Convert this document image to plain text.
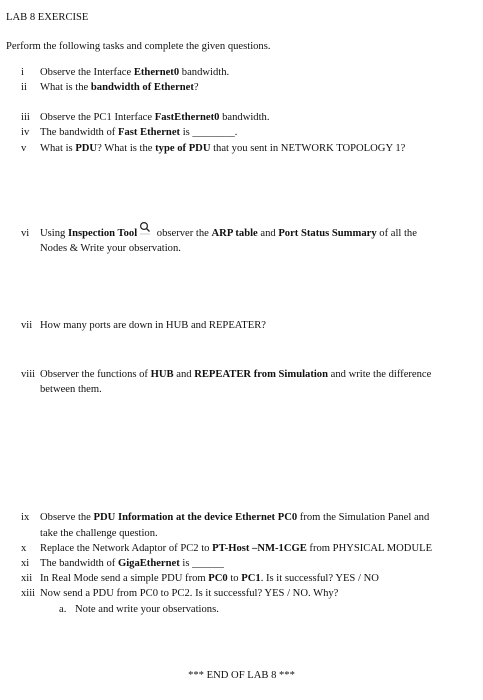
LAB 8 EXERCISE
Perform the following tasks and complete the given questions.
i	Observe the Interface Ethernet0 bandwidth.
ii	What is the bandwidth of Ethernet?
iii Observe the PC1 Interface FastEthernet0 bandwidth.
iv	The bandwidth of Fast Ethernet is ________.
v	What is PDU? What is the type of PDU that you sent in NETWORK TOPOLOGY 1?
vi	Using Inspection Tool observer the ARP table and Port Status Summary of all the
Nodes & Write your observation.
vii How many ports are down in HUB and REPEATER?
viii Observer the functions of HUB and REPEATER from Simulation and write the difference
between them.
ix	Observe the PDU Information at the device Ethernet PC0 from the Simulation Panel and
take the challenge question.
x	Replace the Network Adaptor of PC2 to PT-Host –NM-1CGE from PHYSICAL MODULE
xi	The bandwidth of GigaEthernet is ______
xii In Real Mode send a simple PDU from PC0 to PC1. Is it successful? YES / NO
xiii Now send a PDU from PC0 to PC2. Is it successful? YES / NO. Why?
a. Note and write your observations.
*** END OF LAB 8 ***
